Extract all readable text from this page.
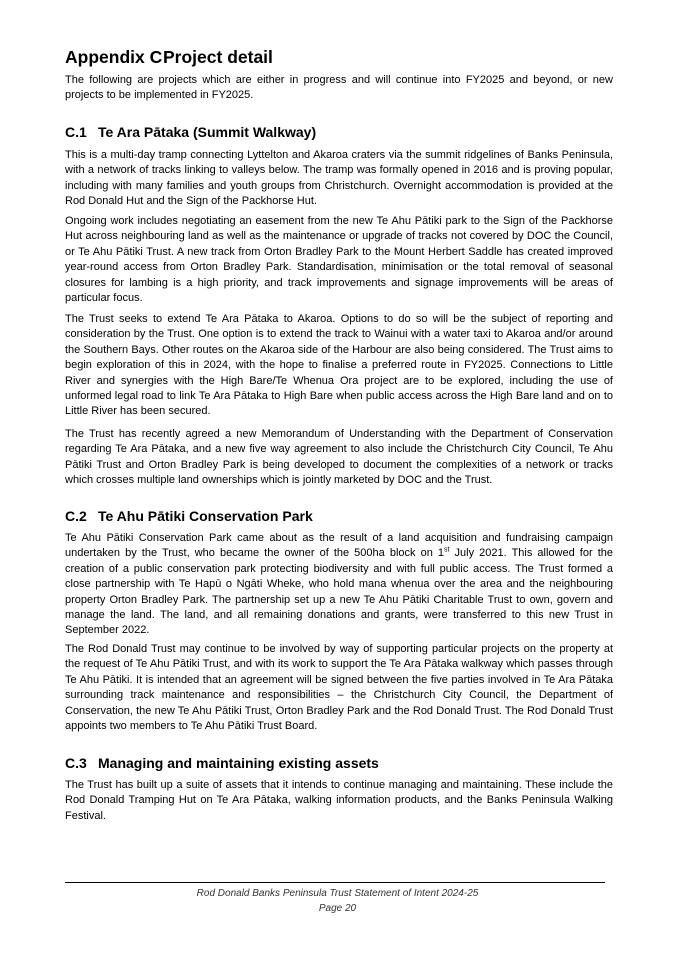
Appendix CProject detail

The following are projects which are either in progress and will continue into FY2025 and beyond, or new projects to be implemented in FY2025.

C.1 Te Ara Pātaka (Summit Walkway)

This is a multi-day tramp connecting Lyttelton and Akaroa craters via the summit ridgelines of Banks Peninsula, with a network of tracks linking to valleys below. The tramp was formally opened in 2016 and is proving popular, including with many families and youth groups from Christchurch. Overnight accommodation is provided at the Rod Donald Hut and the Sign of the Packhorse Hut.

Ongoing work includes negotiating an easement from the new Te Ahu Pātiki park to the Sign of the Packhorse Hut across neighbouring land as well as the maintenance or upgrade of tracks not covered by DOC the Council, or Te Ahu Pātiki Trust. A new track from Orton Bradley Park to the Mount Herbert Saddle has created improved year-round access from Orton Bradley Park. Standardisation, minimisation or the total removal of seasonal closures for lambing is a high priority, and track improvements and signage improvements will be areas of particular focus.

The Trust seeks to extend Te Ara Pātaka to Akaroa. Options to do so will be the subject of reporting and consideration by the Trust. One option is to extend the track to Wainui with a water taxi to Akaroa and/or around the Southern Bays. Other routes on the Akaroa side of the Harbour are also being considered. The Trust aims to begin exploration of this in 2024, with the hope to finalise a preferred route in FY2025. Connections to Little River and synergies with the High Bare/Te Whenua Ora project are to be explored, including the use of unformed legal road to link Te Ara Pātaka to High Bare when public access across the High Bare land and on to Little River has been secured.

The Trust has recently agreed a new Memorandum of Understanding with the Department of Conservation regarding Te Ara Pātaka, and a new five way agreement to also include the Christchurch City Council, Te Ahu Pātiki Trust and Orton Bradley Park is being developed to document the complexities of a network or tracks which crosses multiple land ownerships which is jointly marketed by DOC and the Trust.

C.2 Te Ahu Pātiki Conservation Park

Te Ahu Pātiki Conservation Park came about as the result of a land acquisition and fundraising campaign undertaken by the Trust, who became the owner of the 500ha block on 1st July 2021. This allowed for the creation of a public conservation park protecting biodiversity and with full public access. The Trust formed a close partnership with Te Hapū o Ngāti Wheke, who hold mana whenua over the area and the neighbouring property Orton Bradley Park. The partnership set up a new Te Ahu Pātiki Charitable Trust to own, govern and manage the land. The land, and all remaining donations and grants, were transferred to this new Trust in September 2022.

The Rod Donald Trust may continue to be involved by way of supporting particular projects on the property at the request of Te Ahu Pātiki Trust, and with its work to support the Te Ara Pātaka walkway which passes through Te Ahu Pātiki. It is intended that an agreement will be signed between the five parties involved in Te Ara Pātaka surrounding track maintenance and responsibilities – the Christchurch City Council, the Department of Conservation, the new Te Ahu Pātiki Trust, Orton Bradley Park and the Rod Donald Trust. The Rod Donald Trust appoints two members to Te Ahu Pātiki Trust Board.

C.3 Managing and maintaining existing assets

The Trust has built up a suite of assets that it intends to continue managing and maintaining. These include the Rod Donald Tramping Hut on Te Ara Pātaka, walking information products, and the Banks Peninsula Walking Festival.

Rod Donald Banks Peninsula Trust Statement of Intent 2024-25
Page 20
